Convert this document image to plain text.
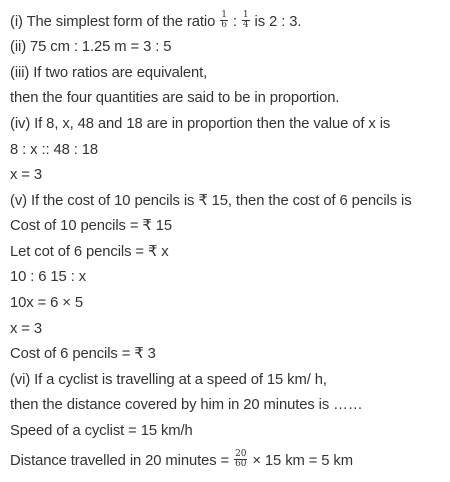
(i) The simplest form of the ratio $\frac{1}{6}$ : $\frac{1}{4}$ is 2 : 3.
(ii) 75 cm : 1.25 m = 3 : 5
(iii) If two ratios are equivalent,
then the four quantities are said to be in proportion.
(iv) If 8, x, 48 and 18 are in proportion then the value of x is
8 : x :: 48 : 18
x = 3
(v) If the cost of 10 pencils is ₹ 15, then the cost of 6 pencils is
Cost of 10 pencils = ₹ 15
Let cot of 6 pencils = ₹ x
10 : 6 15 : x
10x = 6 × 5
x = 3
Cost of 6 pencils = ₹ 3
(vi) If a cyclist is travelling at a speed of 15 km/ h,
then the distance covered by him in 20 minutes is ……
Speed of a cyclist = 15 km/h
Distance travelled in 20 minutes = $\frac{20}{60} \times 15$ km = 5 km
